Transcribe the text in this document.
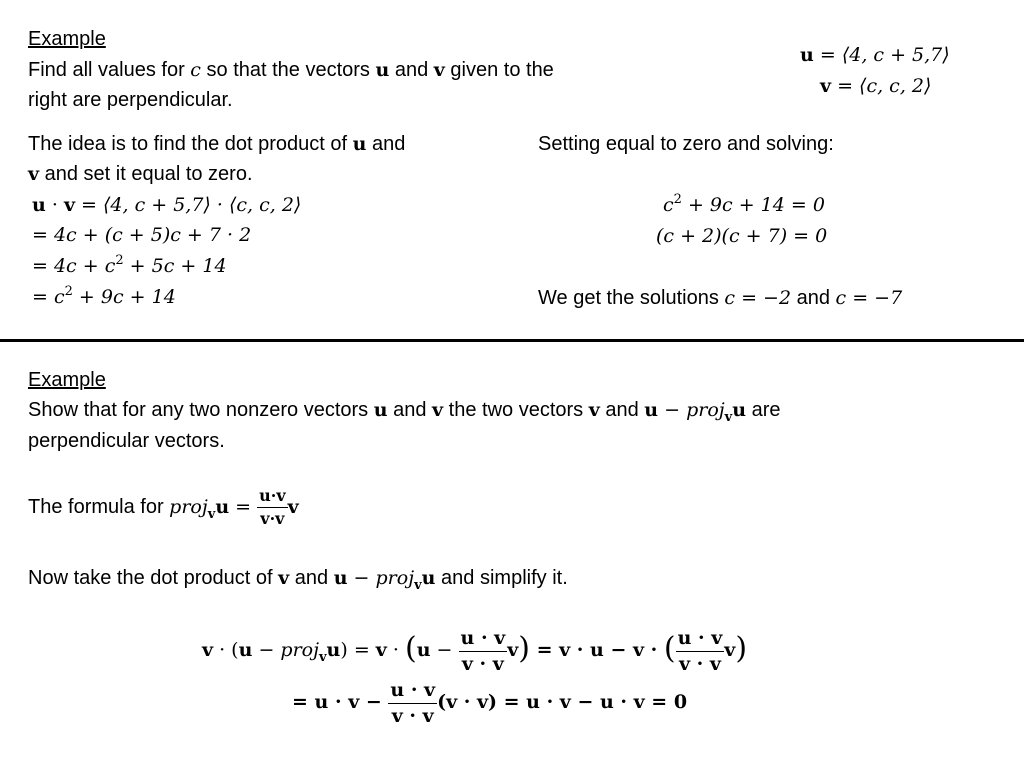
Example
Find all values for c so that the vectors u and v given to the
right are perpendicular.
u = ⟨4, c + 5,7⟩
v = ⟨c, c, 2⟩
The idea is to find the dot product of u and
v and set it equal to zero.
u · v = ⟨4, c + 5,7⟩ · ⟨c, c, 2⟩
= 4c + (c + 5)c + 7 · 2
= $4c + c^2 + 5c + 14$
= $c^2 + 9c + 14$
Setting equal to zero and solving:
$c^2 + 9c + 14 = 0$
(c + 2)(c + 7) = 0
We get the solutions c = −2 and c = −7
Example
Show that for any two nonzero vectors u and v the two vectors v and u − proj$_v$u are
perpendicular vectors.
The formula for proj$_v$u = $\frac{u\cdot v}{v\cdot v}$ v
Now take the dot product of v and u − proj$_v$u and simplify it.
v · (u − proj$_v$u) = $v \cdot (u - \frac{u \cdot v}{v \cdot v} v) = v \cdot u - v$ · ( $\frac{u \cdot v}{v \cdot v} v$)
= $u \cdot v - \frac{u \cdot v}{v \cdot v} (v \cdot v) = u \cdot v - u \cdot v = 0$
